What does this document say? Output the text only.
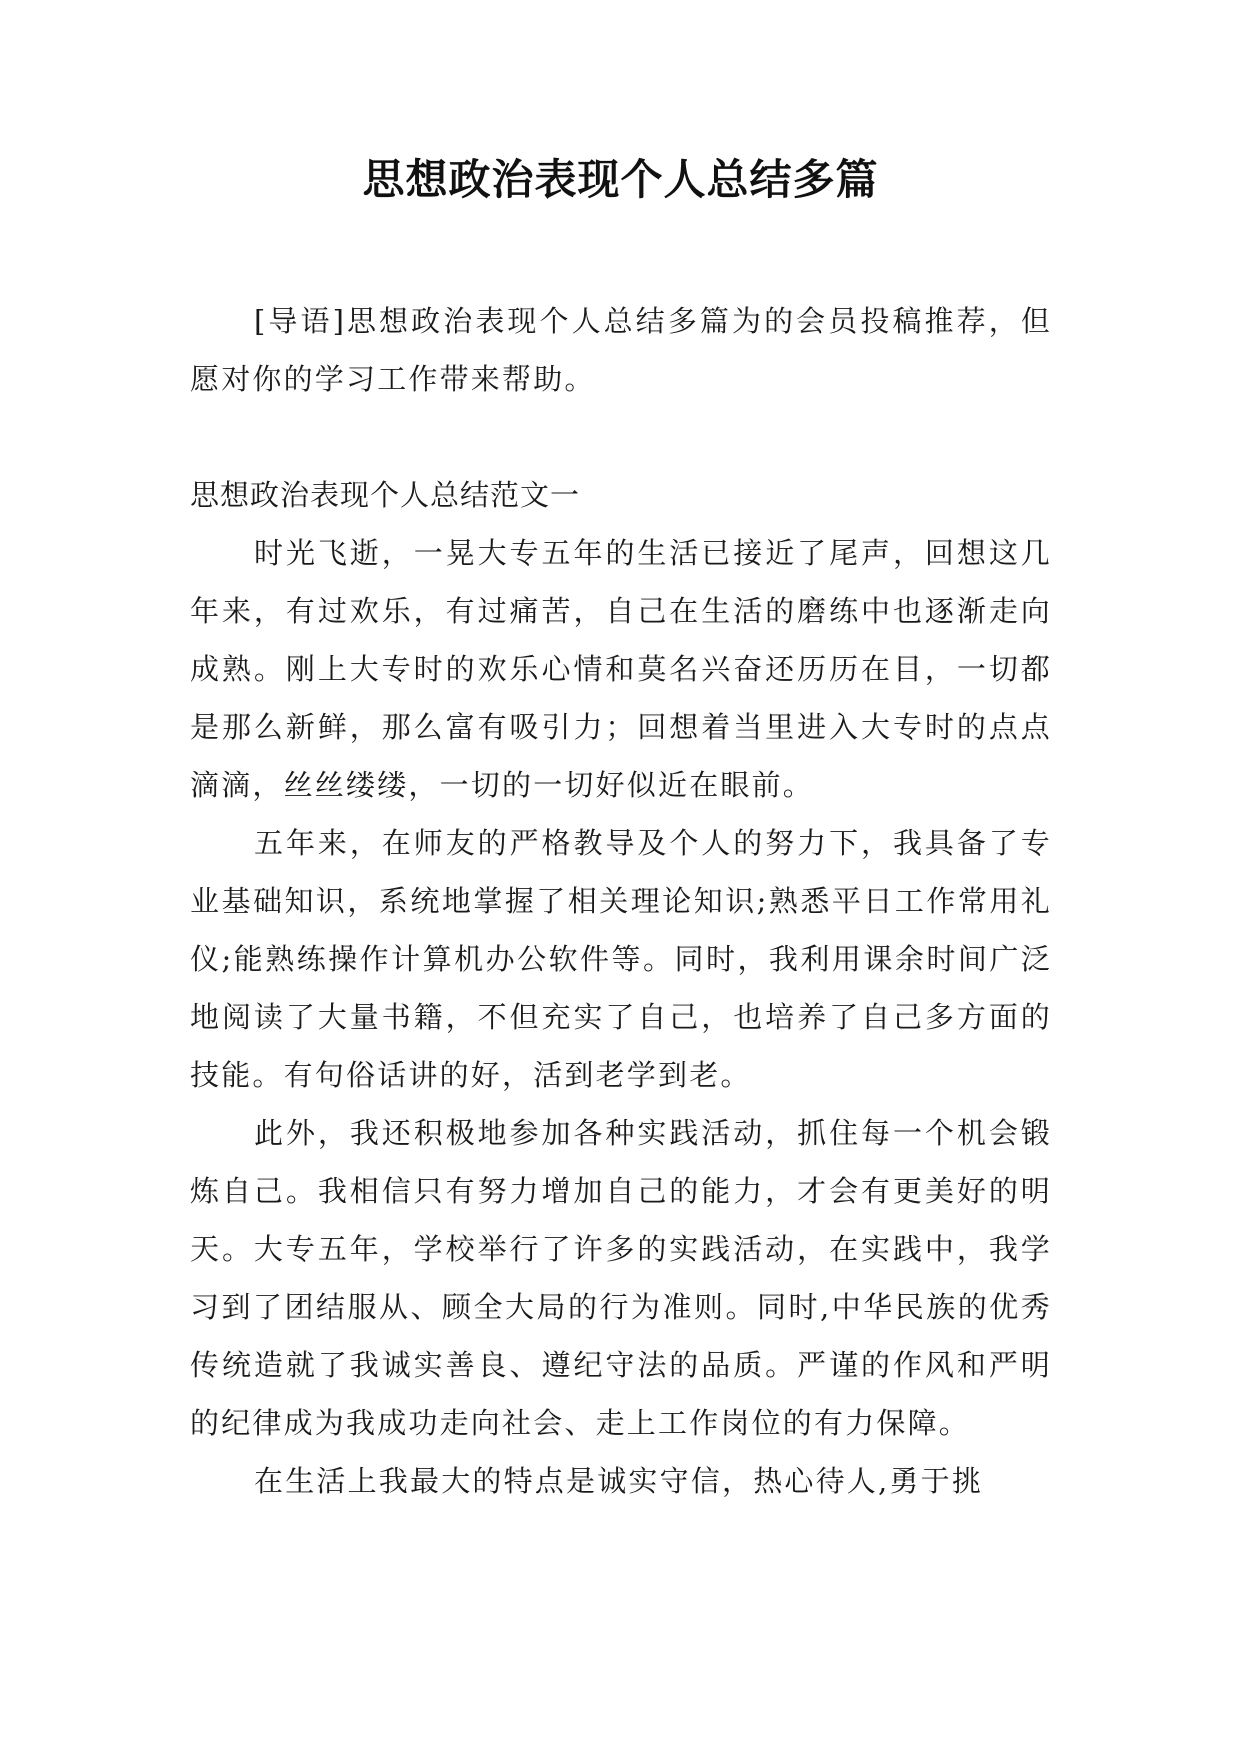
思想政治表现个人总结多篇

[导语]思想政治表现个人总结多篇为的会员投稿推荐，但愿对你的学习工作带来帮助。

思想政治表现个人总结范文一

时光飞逝，一晃大专五年的生活已接近了尾声，回想这几年来，有过欢乐，有过痛苦，自己在生活的磨练中也逐渐走向成熟。刚上大专时的欢乐心情和莫名兴奋还历历在目，一切都是那么新鲜，那么富有吸引力；回想着当里进入大专时的点点滴滴，丝丝缕缕，一切的一切好似近在眼前。

五年来，在师友的严格教导及个人的努力下，我具备了专业基础知识，系统地掌握了相关理论知识;熟悉平日工作常用礼仪;能熟练操作计算机办公软件等。同时，我利用课余时间广泛地阅读了大量书籍，不但充实了自己，也培养了自己多方面的技能。有句俗话讲的好，活到老学到老。

此外，我还积极地参加各种实践活动，抓住每一个机会锻炼自己。我相信只有努力增加自己的能力，才会有更美好的明天。大专五年，学校举行了许多的实践活动，在实践中，我学习到了团结服从、顾全大局的行为准则。同时,中华民族的优秀传统造就了我诚实善良、遵纪守法的品质。严谨的作风和严明的纪律成为我成功走向社会、走上工作岗位的有力保障。

在生活上我最大的特点是诚实守信，热心待人,勇于挑
